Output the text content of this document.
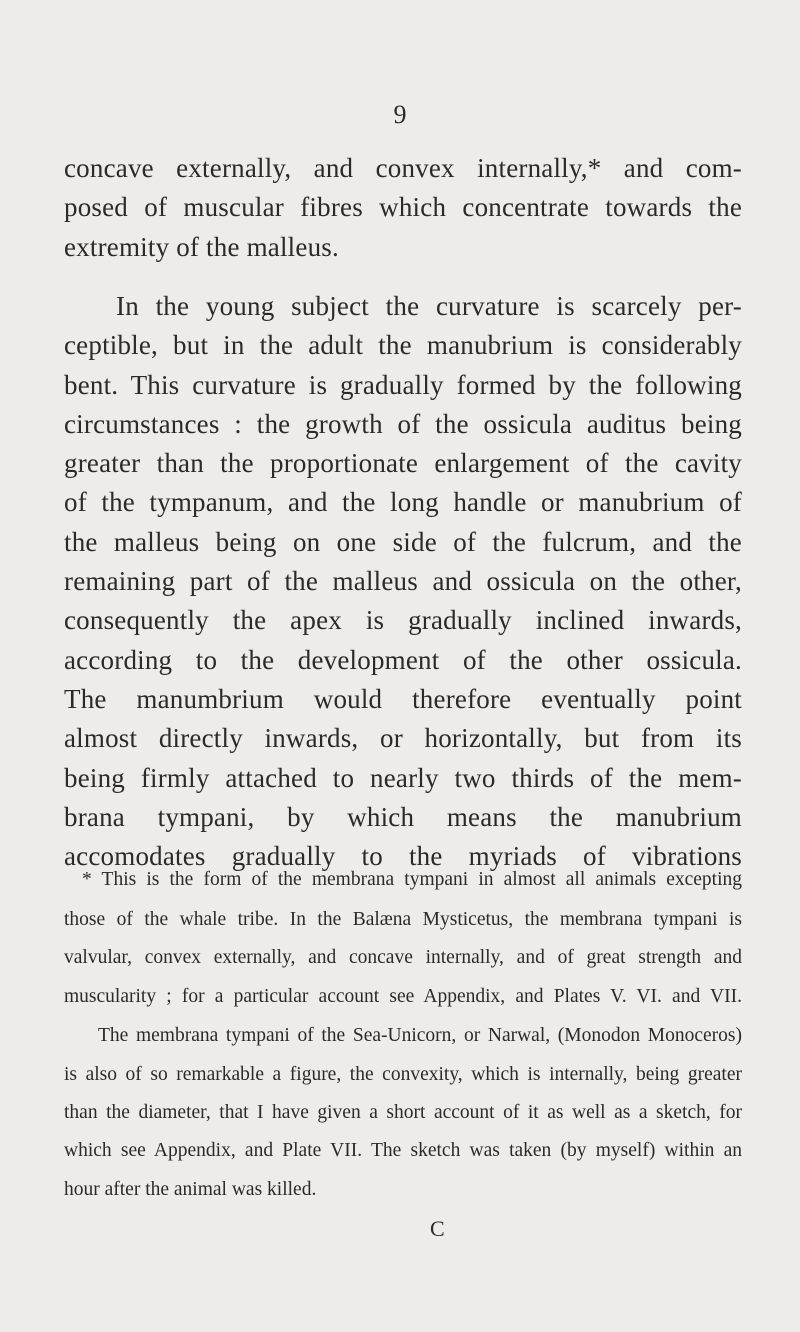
9
concave externally, and convex internally,* and com-
posed of muscular fibres which concentrate towards the
extremity of the malleus.
In the young subject the curvature is scarcely per-
ceptible, but in the adult the manubrium is considerably
bent. This curvature is gradually formed by the following
circumstances : the growth of the ossicula auditus being
greater than the proportionate enlargement of the cavity
of the tympanum, and the long handle or manubrium of
the malleus being on one side of the fulcrum, and the
remaining part of the malleus and ossicula on the other,
consequently the apex is gradually inclined inwards,
according to the development of the other ossicula.
The manumbrium would therefore eventually point
almost directly inwards, or horizontally, but from its
being firmly attached to nearly two thirds of the mem-
brana tympani, by which means the manubrium
accomodates gradually to the myriads of vibrations
* This is the form of the membrana tympani in almost all animals excepting
those of the whale tribe. In the Balæna Mysticetus, the membrana tympani is
valvular, convex externally, and concave internally, and of great strength and
muscularity ; for a particular account see Appendix, and Plates V. VI. and VII.
The membrana tympani of the Sea-Unicorn, or Narwal, (Monodon Monoceros)
is also of so remarkable a figure, the convexity, which is internally, being greater
than the diameter, that I have given a short account of it as well as a sketch, for
which see Appendix, and Plate VII. The sketch was taken (by myself) within an
hour after the animal was killed.
C
